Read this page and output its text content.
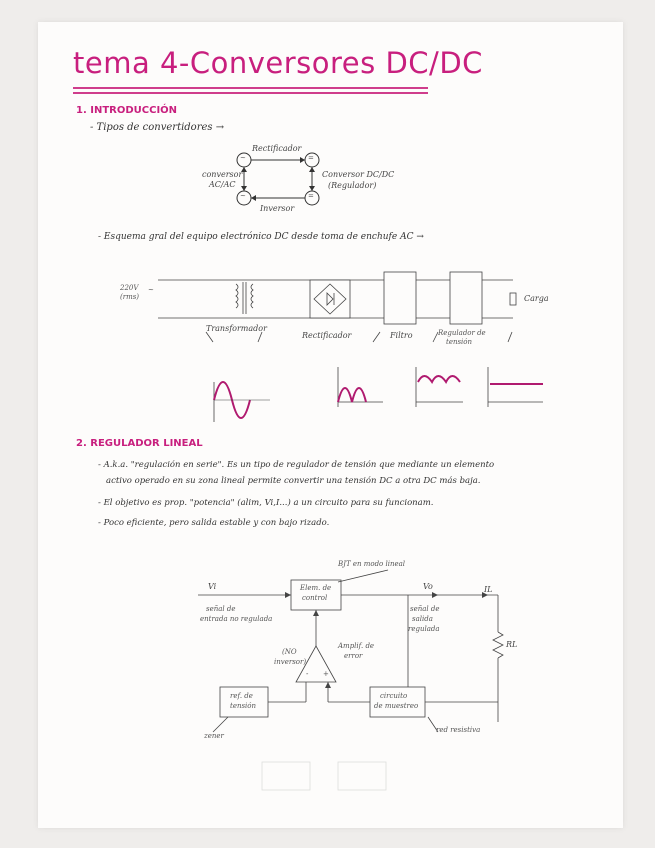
tema 4-Conversores DC/DC
1. INTRODUCCIÓN
- Tipos de convertidores →
~	=
~	=
Rectificador
Inversor
conversor
AC/AC
Conversor DC/DC
(Regulador)
- Esquema gral del equipo electrónico DC desde toma de enchufe AC →
220V
(rms)
~
Transformador
Rectificador	Filtro	Regulador de
tensión
Carga
2. REGULADOR LINEAL
- A.k.a. "regulación en serie". Es un tipo de regulador de tensión que mediante un elemento
activo operado en su zona lineal permite convertir una tensión DC a otra DC más baja.
- El objetivo es prop. "potencia" (alim, Vi,I...) a un circuito para su funcionam.
- Poco eficiente, pero salida estable y con bajo rizado.
BJT en modo lineal
Elem. de
control
Vi	Vo	IL
RL
señal de
entrada no regulada
señal de
salida
regulada
Amplif. de
error
(NO
inversor)
- +
ref. de
tensión
circuito
de muestreo
zener
red resistiva
